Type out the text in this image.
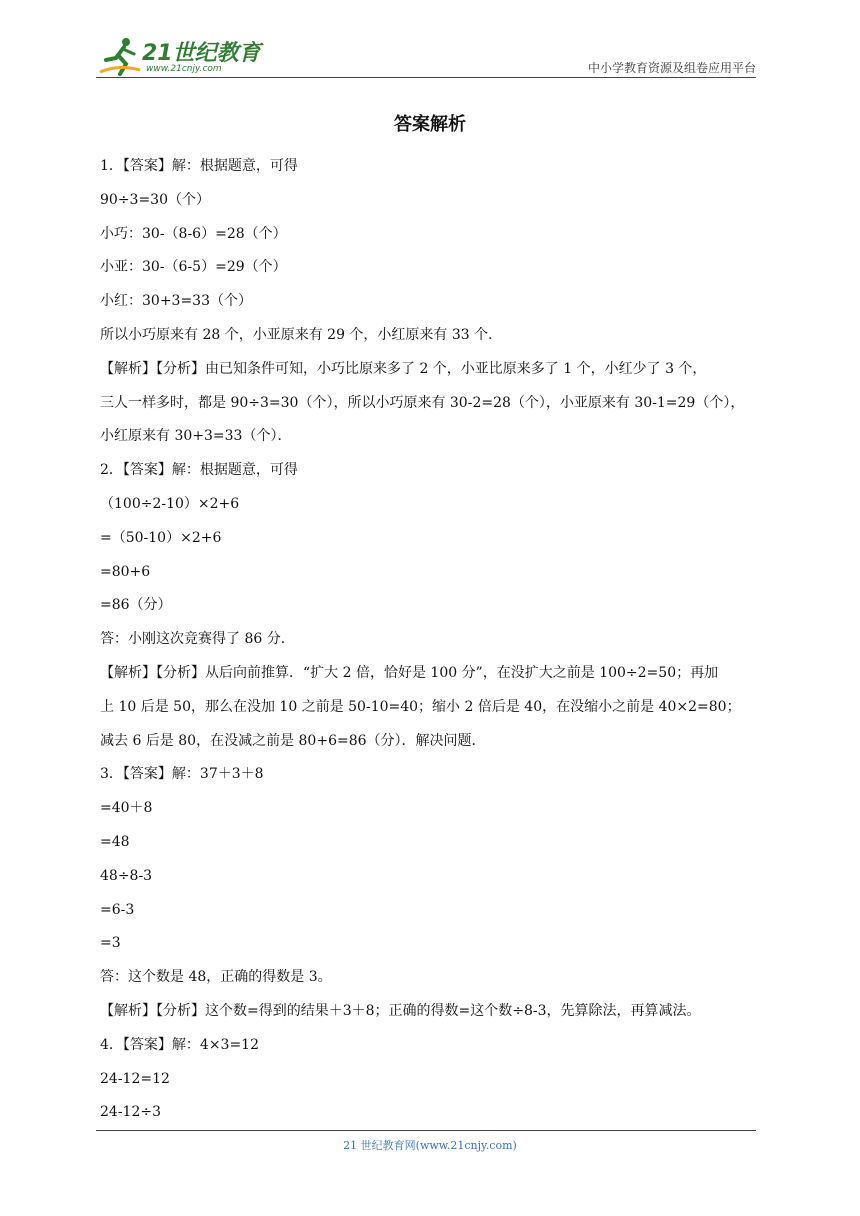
21世纪教育
www.21cnjy.com	中小学教育资源及组卷应用平台
答案解析
1．【答案】解：根据题意，可得
90÷3=30（个）
小巧：30-（8-6）=28（个）
小亚：30-（6-5）=29（个）
小红：30+3=33（个）
所以小巧原来有 28 个，小亚原来有 29 个，小红原来有 33 个．
【解析】【分析】由已知条件可知，小巧比原来多了 2 个，小亚比原来多了 1 个，小红少了 3 个，
三人一样多时，都是 90÷3=30（个），所以小巧原来有 30-2=28（个），小亚原来有 30-1=29（个），
小红原来有 30+3=33（个）．
2．【答案】解：根据题意，可得
（100÷2-10）×2+6
=（50-10）×2+6
=80+6
=86（分）
答：小刚这次竞赛得了 86 分．
【解析】【分析】从后向前推算．“扩大 2 倍，恰好是 100 分”，在没扩大之前是 100÷2=50；再加
上 10 后是 50，那么在没加 10 之前是 50-10=40；缩小 2 倍后是 40，在没缩小之前是 40×2=80；
减去 6 后是 80，在没减之前是 80+6=86（分）．解决问题．
3．【答案】解：37＋3＋8
=40＋8
=48
48÷8-3
=6-3
=3
答：这个数是 48，正确的得数是 3。
【解析】【分析】这个数=得到的结果＋3＋8；正确的得数=这个数÷8-3，先算除法，再算减法。
4．【答案】解：4×3=12
24-12=12
24-12÷3
21 世纪教育网(www.21cnjy.com)
